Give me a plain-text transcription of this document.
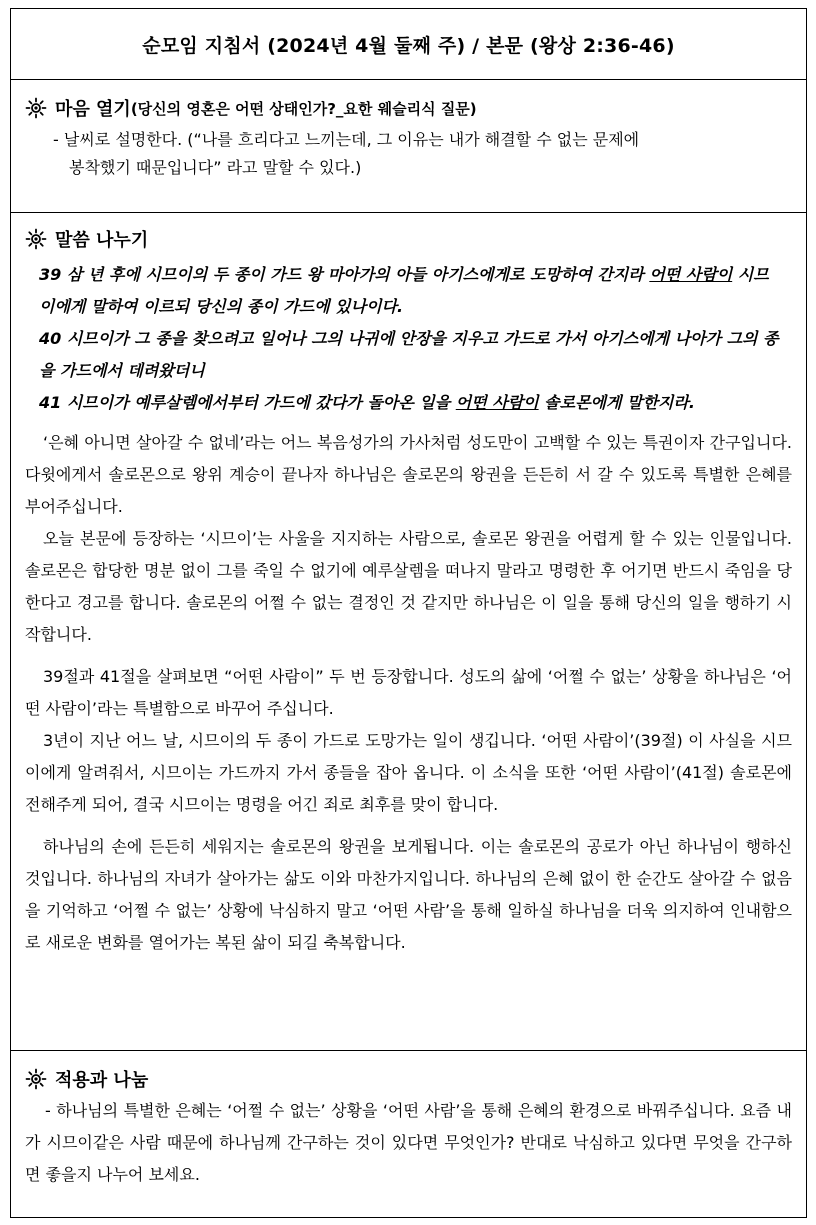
순모임 지침서 (2024년 4월 둘째 주) / 본문 (왕상 2:36-46)
마음 열기 (당신의 영혼은 어떤 상태인가?_요한 웨슬리식 질문)
- 날씨로 설명한다. (“나를 흐리다고 느끼는데, 그 이유는 내가 해결할 수 없는 문제에
봉착했기 때문입니다” 라고 말할 수 있다.)
말씀 나누기
39 삼 년 후에 시므이의 두 종이 가드 왕 마아가의 아들 아기스에게로 도망하여 간지라 어떤 사람이 시므이에게 말하여 이르되 당신의 종이 가드에 있나이다.
40 시므이가 그 종을 찾으려고 일어나 그의 나귀에 안장을 지우고 가드로 가서 아기스에게 나아가 그의 종을 가드에서 데려왔더니
41 시므이가 예루살렘에서부터 가드에 갔다가 돌아온 일을 어떤 사람이 솔로몬에게 말한지라.

‘은혜 아니면 살아갈 수 없네’라는 어느 복음성가의 가사처럼 성도만이 고백할 수 있는 특권이자 간구입니다. 다윗에게서 솔로몬으로 왕위 계승이 끝나자 하나님은 솔로몬의 왕권을 든든히 서 갈 수 있도록 특별한 은혜를 부어주십니다.

오늘 본문에 등장하는 ‘시므이’는 사울을 지지하는 사람으로, 솔로몬 왕권을 어렵게 할 수 있는 인물입니다. 솔로몬은 합당한 명분 없이 그를 죽일 수 없기에 예루살렘을 떠나지 말라고 명령한 후 어기면 반드시 죽임을 당한다고 경고를 합니다. 솔로몬의 어쩔 수 없는 결정인 것 같지만 하나님은 이 일을 통해 당신의 일을 행하기 시작합니다.

39절과 41절을 살펴보면 “어떤 사람이” 두 번 등장합니다. 성도의 삶에 ‘어쩔 수 없는’ 상황을 하나님은 ‘어떤 사람이’라는 특별함으로 바꾸어 주십니다.

3년이 지난 어느 날, 시므이의 두 종이 가드로 도망가는 일이 생깁니다. ‘어떤 사람이’(39절) 이 사실을 시므이에게 알려줘서, 시므이는 가드까지 가서 종들을 잡아 옵니다. 이 소식을 또한 ‘어떤 사람이’(41절) 솔로몬에 전해주게 되어, 결국 시므이는 명령을 어긴 죄로 최후를 맞이 합니다.

하나님의 손에 든든히 세워지는 솔로몬의 왕권을 보게됩니다. 이는 솔로몬의 공로가 아닌 하나님이 행하신 것입니다. 하나님의 자녀가 살아가는 삶도 이와 마찬가지입니다. 하나님의 은혜 없이 한 순간도 살아갈 수 없음을 기억하고 ‘어쩔 수 없는’ 상황에 낙심하지 말고 ‘어떤 사람’을 통해 일하실 하나님을 더욱 의지하여 인내함으로 새로운 변화를 열어가는 복된 삶이 되길 축복합니다.

적용과 나눔

- 하나님의 특별한 은혜는 ‘어쩔 수 없는’ 상황을 ‘어떤 사람’을 통해 은혜의 환경으로 바꿔주십니다. 요즘 내가 시므이같은 사람 때문에 하나님께 간구하는 것이 있다면 무엇인가? 반대로 낙심하고 있다면 무엇을 간구하면 좋을지 나누어 보세요.
